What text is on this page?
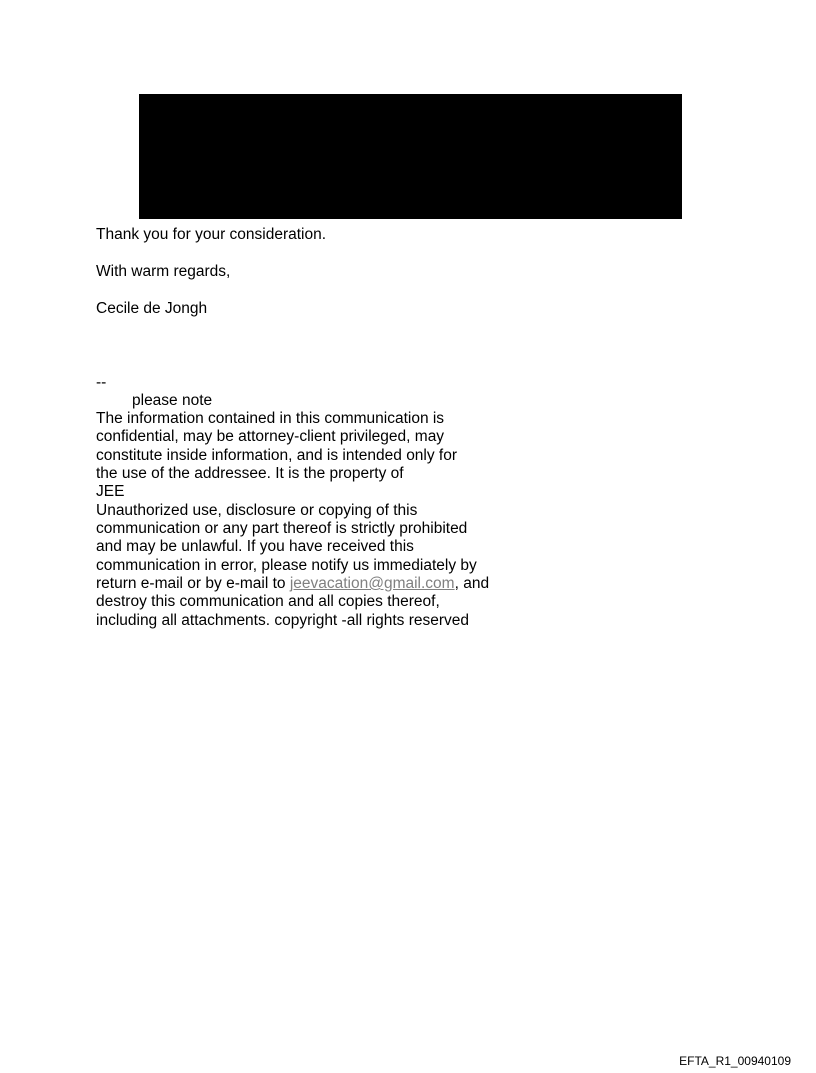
Thank you for your consideration.
With warm regards,
Cecile de Jongh
--
please note
The information contained in this communication is
confidential, may be attorney-client privileged, may
constitute inside information, and is intended only for
the use of the addressee. It is the property of
JEE
Unauthorized use, disclosure or copying of this
communication or any part thereof is strictly prohibited
and may be unlawful. If you have received this
communication in error, please notify us immediately by
return e-mail or by e-mail to jeevacation@gmail.com, and
destroy this communication and all copies thereof,
including all attachments. copyright -all rights reserved
EFTA_R1_00940109
